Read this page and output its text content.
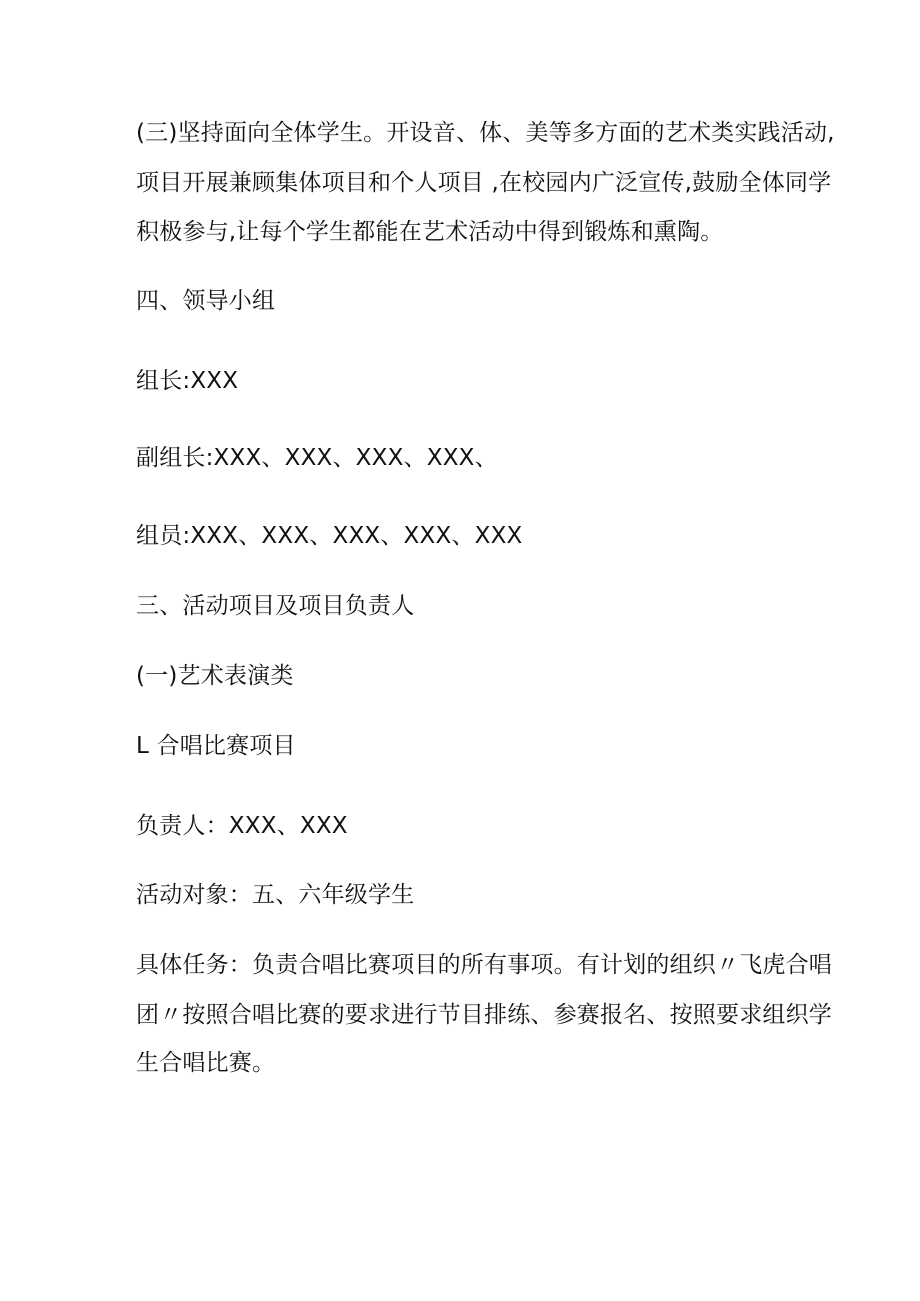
(三)坚持面向全体学生。开设音、体、美等多方面的艺术类实践活动,
项目开展兼顾集体项目和个人项目 ,在校园内广泛宣传,鼓励全体同学
积极参与,让每个学生都能在艺术活动中得到锻炼和熏陶。
四、领导小组
组长:XXX
副组长:XXX、XXX、XXX、XXX、
组员:XXX、XXX、XXX、XXX、XXX
三、活动项目及项目负责人
(一)艺术表演类
L 合唱比赛项目
负责人：XXX、XXX
活动对象：五、六年级学生
具体任务：负责合唱比赛项目的所有事项。有计划的组织〃飞虎合唱
团〃按照合唱比赛的要求进行节目排练、参赛报名、按照要求组织学
生合唱比赛。
